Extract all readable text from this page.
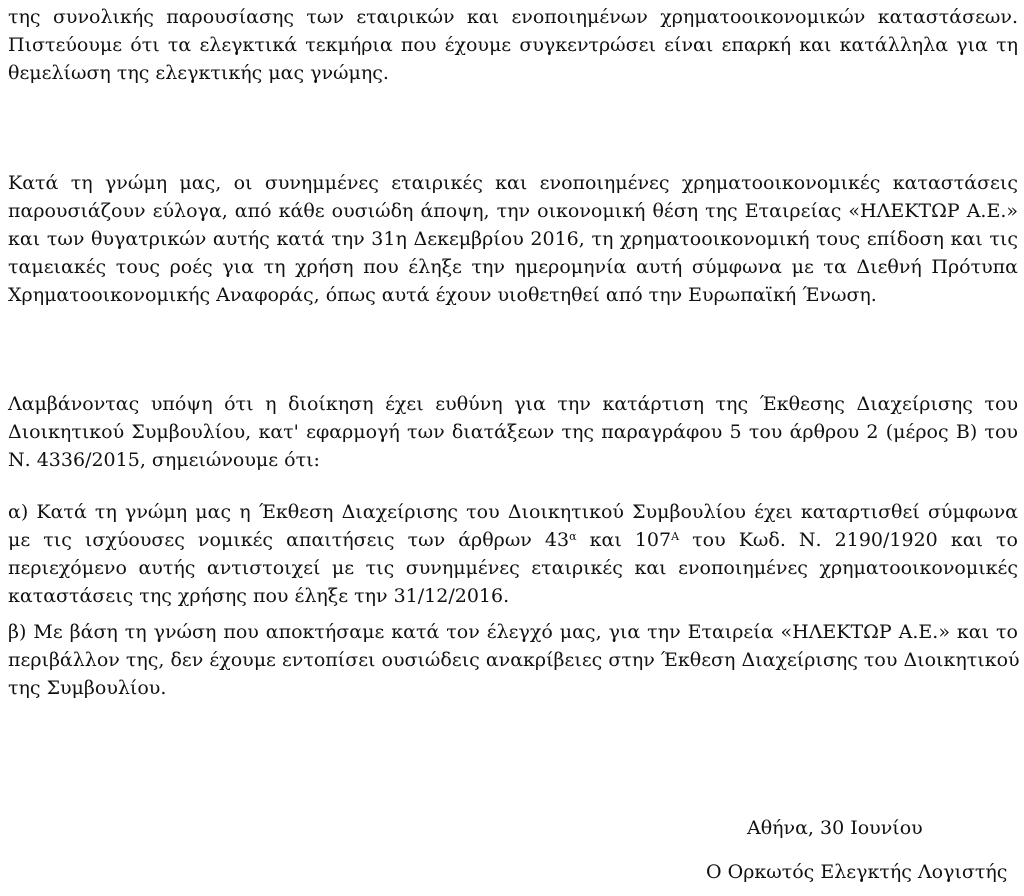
της συνολικής παρουσίασης των εταιρικών και ενοποιημένων χρηματοοικονομικών καταστάσεων.
Πιστεύουμε ότι τα ελεγκτικά τεκμήρια που έχουμε συγκεντρώσει είναι επαρκή και κατάλληλα για τη
θεμελίωση της ελεγκτικής μας γνώμης.

Κατά τη γνώμη μας, οι συνημμένες εταιρικές και ενοποιημένες χρηματοοικονομικές καταστάσεις
παρουσιάζουν εύλογα, από κάθε ουσιώδη άποψη, την οικονομική θέση της Εταιρείας «ΗΛΕΚΤΩΡ Α.Ε.»
και των θυγατρικών αυτής κατά την 31η Δεκεμβρίου 2016, τη χρηματοοικονομική τους επίδοση και τις
ταμειακές τους ροές για τη χρήση που έληξε την ημερομηνία αυτή σύμφωνα με τα Διεθνή Πρότυπα
Χρηματοοικονομικής Αναφοράς, όπως αυτά έχουν υιοθετηθεί από την Ευρωπαϊκή Ένωση.

Λαμβάνοντας υπόψη ότι η διοίκηση έχει ευθύνη για την κατάρτιση της Έκθεσης Διαχείρισης του
Διοικητικού Συμβουλίου, κατ' εφαρμογή των διατάξεων της παραγράφου 5 του άρθρου 2 (μέρος Β) του
Ν. 4336/2015, σημειώνουμε ότι:

α) Κατά τη γνώμη μας η Έκθεση Διαχείρισης του Διοικητικού Συμβουλίου έχει καταρτισθεί σύμφωνα
με τις ισχύουσες νομικές απαιτήσεις των άρθρων $43^\alpha$ και $107^A$ του Κωδ. Ν. 2190/1920 και το
περιεχόμενο αυτής αντιστοιχεί με τις συνημμένες εταιρικές και ενοποιημένες χρηματοοικονομικές
καταστάσεις της χρήσης που έληξε την 31/12/2016.

β) Με βάση τη γνώση που αποκτήσαμε κατά τον έλεγχό μας, για την Εταιρεία «ΗΛΕΚΤΩΡ Α.Ε.» και το
περιβάλλον της, δεν έχουμε εντοπίσει ουσιώδεις ανακρίβειες στην Έκθεση Διαχείρισης του Διοικητικού
της Συμβουλίου.

Αθήνα, 30 Ιουνίου
Ο Ορκωτός Ελεγκτής Λογιστής
